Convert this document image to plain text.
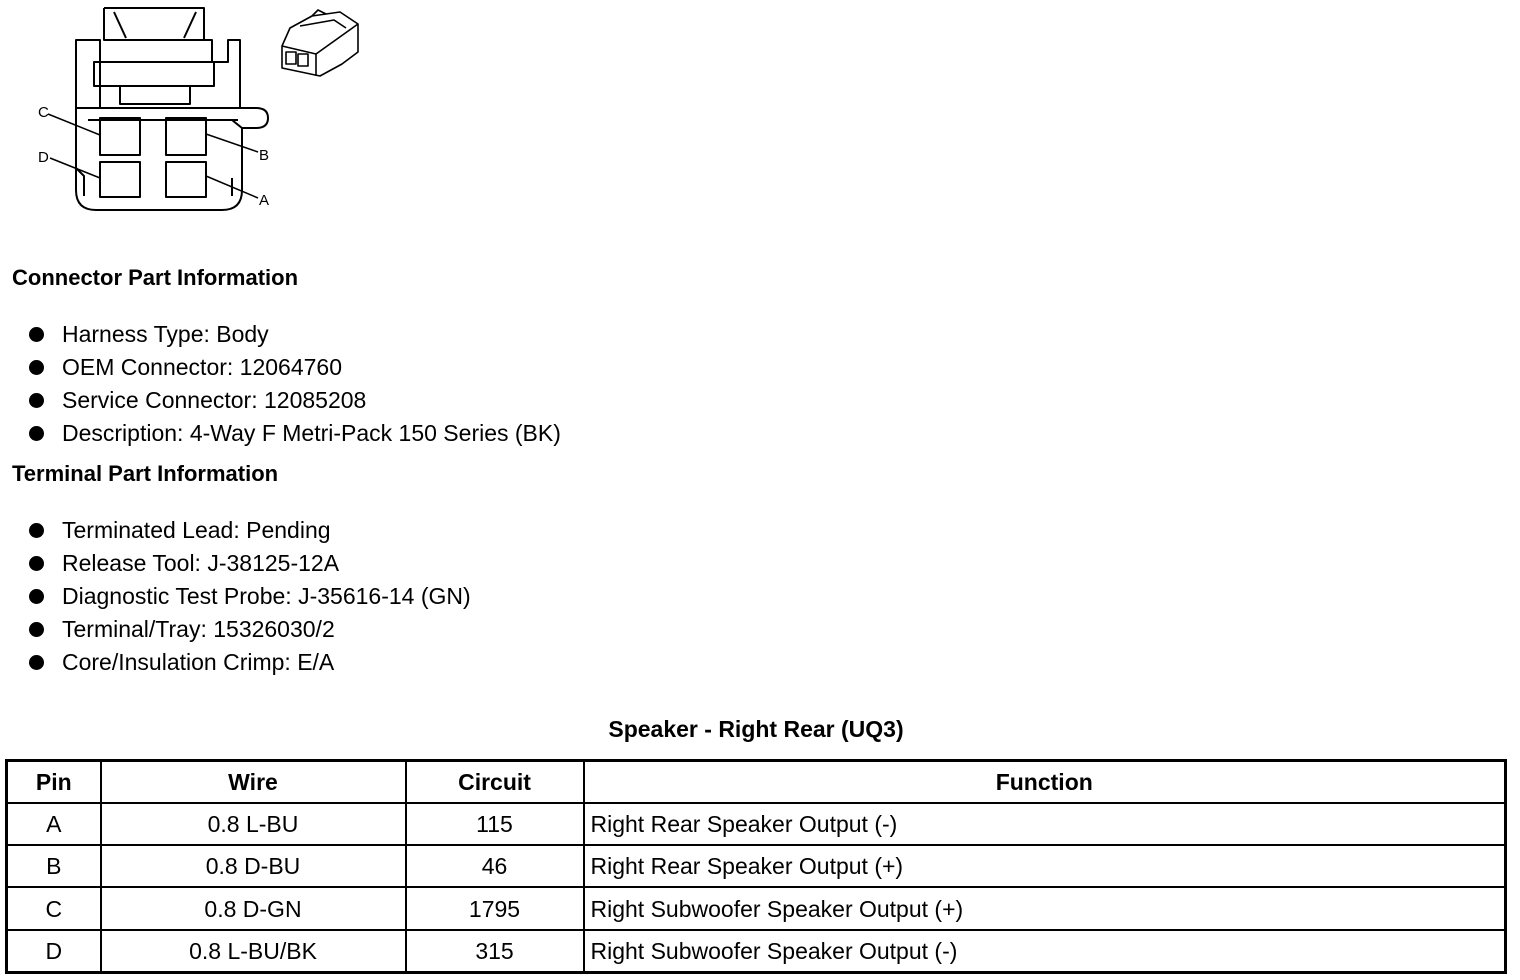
C
D	B
A
Connector Part Information
Harness Type: Body
OEM Connector: 12064760
Service Connector: 12085208
Description: 4-Way F Metri-Pack 150 Series (BK)
Terminal Part Information
Terminated Lead: Pending
Release Tool: J-38125-12A
Diagnostic Test Probe: J-35616-14 (GN)
Terminal/Tray: 15326030/2
Core/Insulation Crimp: E/A
Speaker - Right Rear (UQ3)
Pin	Wire	Circuit	Function
A	0.8 L-BU	115	Right Rear Speaker Output (-)
B	0.8 D-BU	46	Right Rear Speaker Output (+)
C	0.8 D-GN	1795	Right Subwoofer Speaker Output (+)
D	0.8 L-BU/BK	315	Right Subwoofer Speaker Output (-)
